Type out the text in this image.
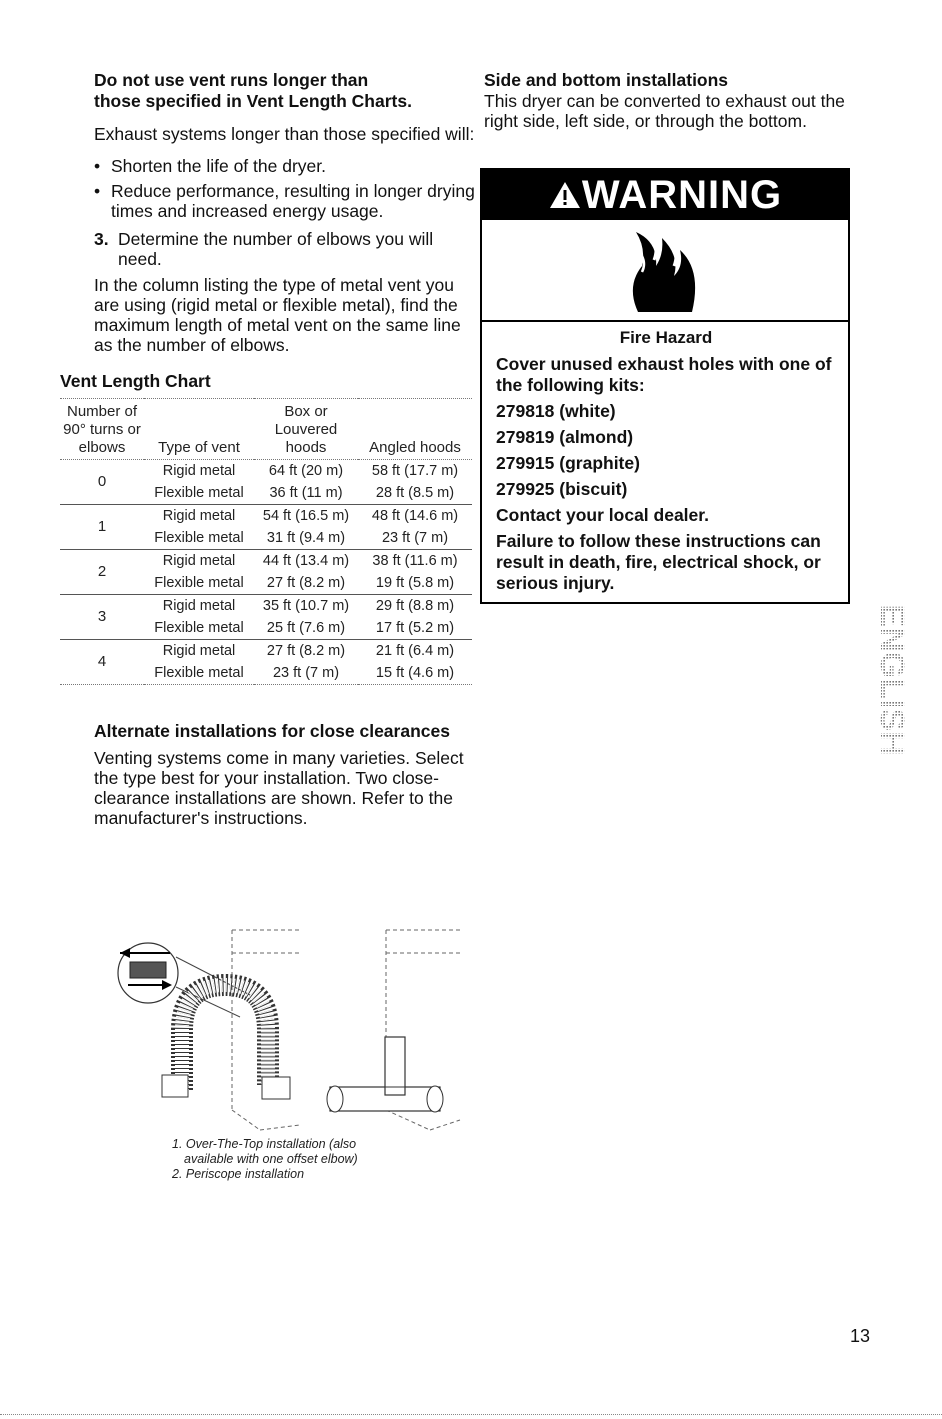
Do not use vent runs longer than
those specified in Vent Length Charts.

Exhaust systems longer than those specified will:

• Shorten the life of the dryer.
• Reduce performance, resulting in longer drying times and increased energy usage.
3. Determine the number of elbows you will need.

In the column listing the type of metal vent you are using (rigid metal or flexible metal), find the maximum length of metal vent on the same line as the number of elbows.

Vent Length Chart

Number of 90° turns or elbows	Type of vent	Box or Louvered hoods	Angled hoods
0	Rigid metal	64 ft (20 m)	58 ft (17.7 m)
	Flexible metal	36 ft (11 m)	28 ft (8.5 m)
1	Rigid metal	54 ft (16.5 m)	48 ft (14.6 m)
	Flexible metal	31 ft (9.4 m)	23 ft (7 m)
2	Rigid metal	44 ft (13.4 m)	38 ft (11.6 m)
	Flexible metal	27 ft (8.2 m)	19 ft (5.8 m)
3	Rigid metal	35 ft (10.7 m)	29 ft (8.8 m)
	Flexible metal	25 ft (7.6 m)	17 ft (5.2 m)
4	Rigid metal	27 ft (8.2 m)	21 ft (6.4 m)
	Flexible metal	23 ft (7 m)	15 ft (4.6 m)

Alternate installations for close clearances

Venting systems come in many varieties. Select the type best for your installation. Two close-clearance installations are shown. Refer to the manufacturer's instructions.

1. Over-The-Top installation (also
available with one offset elbow)
2. Periscope installation

Side and bottom installations

This dryer can be converted to exhaust out the right side, left side, or through the bottom.

WARNING

Fire Hazard

Cover unused exhaust holes with one of the following kits:

279818 (white)

279819 (almond)

279915 (graphite)

279925 (biscuit)

Contact your local dealer.

Failure to follow these instructions can result in death, fire, electrical shock, or serious injury.

ENGLISH
13
